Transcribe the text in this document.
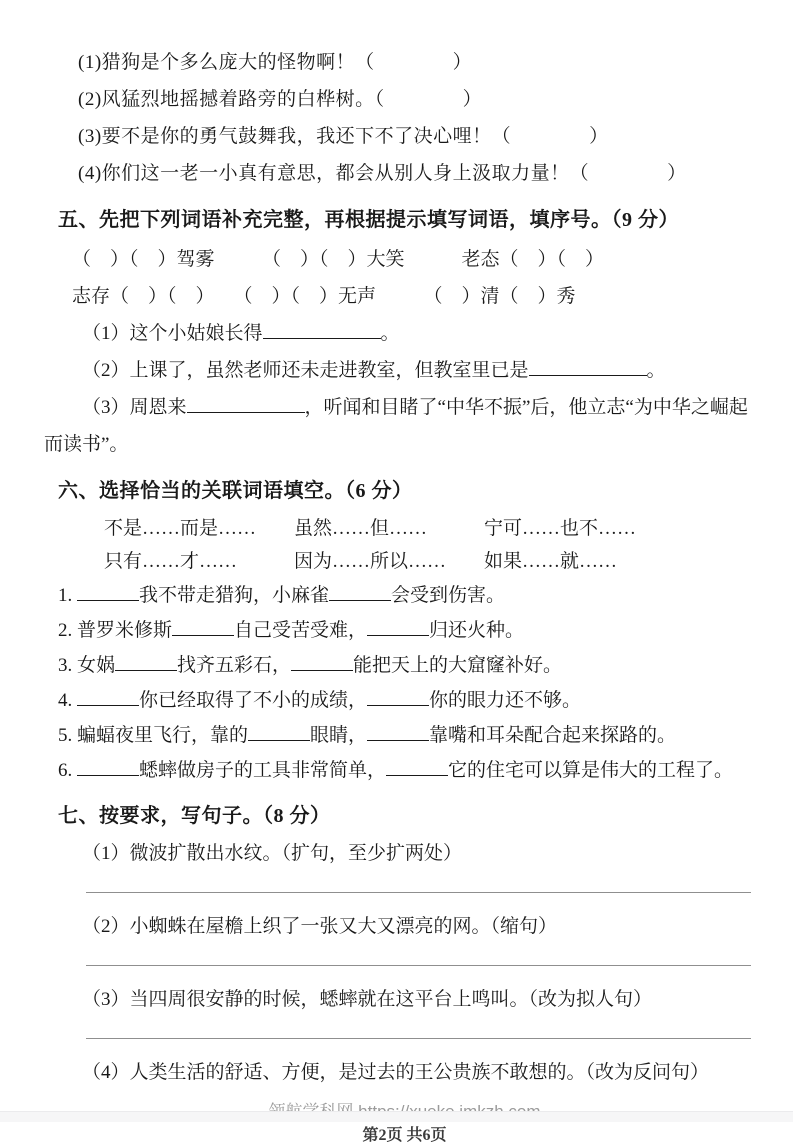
(1)猎狗是个多么庞大的怪物啊！（　　　　）

(2)风猛烈地摇撼着路旁的白桦树。（　　　　）

(3)要不是你的勇气鼓舞我，我还下不了决心哩！（　　　　）

(4)你们这一老一小真有意思，都会从别人身上汲取力量！（　　　　）

五、先把下列词语补充完整，再根据提示填写词语，填序号。（9 分）

（　）（　）驾雾　　　（　）（　）大笑　　　老态（　）（　）

志存（　）（　）　　（　）（　）无声　　　（　）清（　）秀

（1）这个小姑娘长得	。

（2）上课了，虽然老师还未走进教室，但教室里已是	。

（3）周恩来	，听闻和目睹了“中华不振”后，他立志“为中华之崛起而读书”。

六、选择恰当的关联词语填空。（6 分）

不是……而是……　　虽然……但……　　　宁可……也不……

只有……才……　　　因为……所以……　　如果……就……

1.	我不带走猎狗，小麻雀	会受到伤害。

2. 普罗米修斯	自己受苦受难，	归还火种。

3. 女娲	找齐五彩石，	能把天上的大窟窿补好。

4.	你已经取得了不小的成绩，	你的眼力还不够。

5. 蝙蝠夜里飞行，靠的	眼睛，	靠嘴和耳朵配合起来探路的。

6.	蟋蟀做房子的工具非常简单，	它的住宅可以算是伟大的工程了。

七、按要求，写句子。（8 分）

（1）微波扩散出水纹。（扩句，至少扩两处）

（2）小蜘蛛在屋檐上织了一张又大又漂亮的网。（缩句）

（3）当四周很安静的时候，蟋蟀就在这平台上鸣叫。（改为拟人句）

（4）人类生活的舒适、方便，是过去的王公贵族不敢想的。（改为反问句）

第2页 共6页
